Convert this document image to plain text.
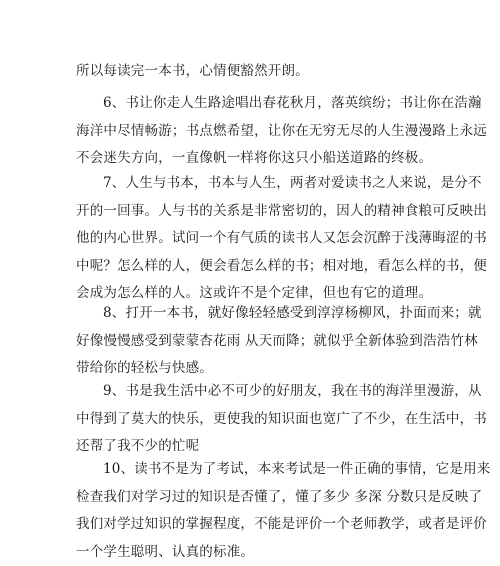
所以每读完一本书，心情便豁然开朗。

6、书让你走人生路途唱出春花秋月，落英缤纷；书让你在浩瀚
海洋中尽情畅游；书点燃希望，让你在无穷无尽的人生漫漫路上永远
不会迷失方向，一直像帆一样将你这只小船送道路的终极。

7、人生与书本，书本与人生，两者对爱读书之人来说，是分不
开的一回事。人与书的关系是非常密切的，因人的精神食粮可反映出
他的内心世界。试问一个有气质的读书人又怎会沉醉于浅薄晦涩的书
中呢？怎么样的人，便会看怎么样的书；相对地，看怎么样的书，便
会成为怎么样的人。这或许不是个定律，但也有它的道理。

8、打开一本书，就好像轻轻感受到淳淳杨柳风，扑面而来；就
好像慢慢感受到蒙蒙杏花雨 从天而降；就似乎全新体验到浩浩竹林
带给你的轻松与快感。

9、书是我生活中必不可少的好朋友，我在书的海洋里漫游，从
中得到了莫大的快乐，更使我的知识面也宽广了不少，在生活中，书
还帮了我不少的忙呢

10、读书不是为了考试，本来考试是一件正确的事情，它是用来
检查我们对学习过的知识是否懂了，懂了多少 多深 分数只是反映了
我们对学过知识的掌握程度，不能是评价一个老师教学，或者是评价
一个学生聪明、认真的标准。
